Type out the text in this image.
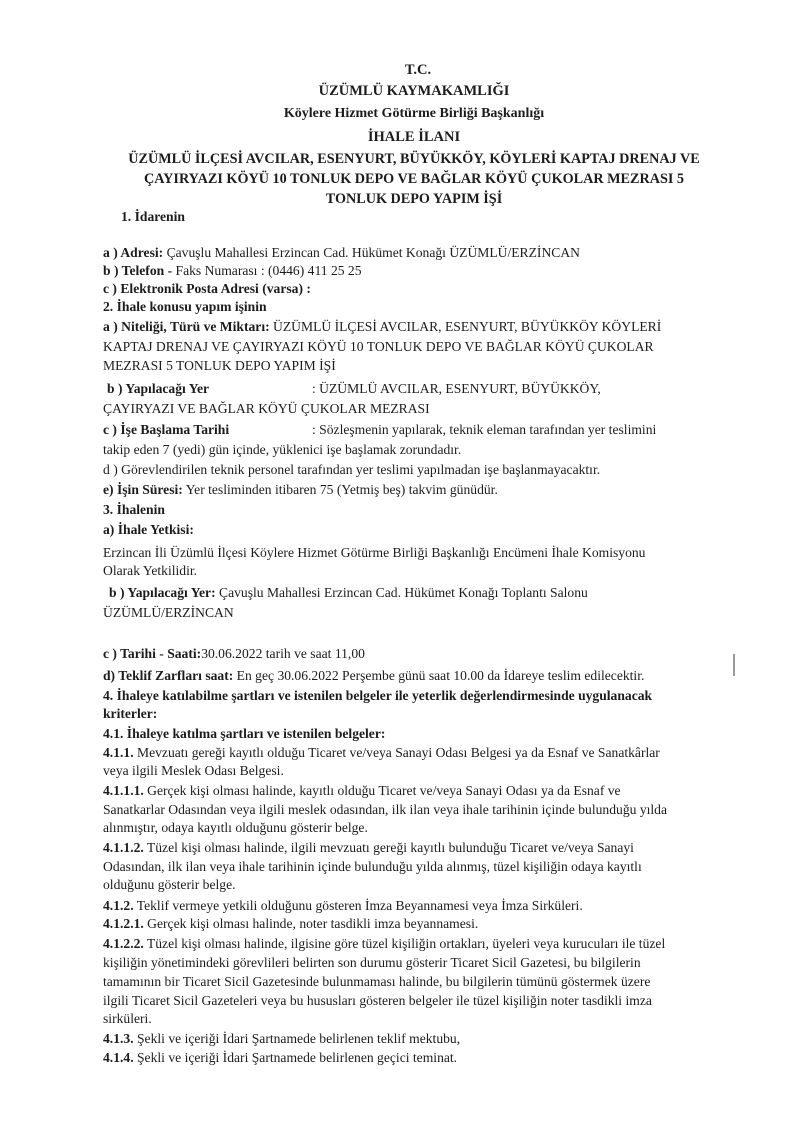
T.C.
ÜZÜMLÜ KAYMAKAMLIĞI
Köylere Hizmet Götürme Birliği Başkanlığı
İHALE İLANI
ÜZÜMLÜ İLÇESİ AVCILAR, ESENYURT, BÜYÜKKÖY, KÖYLERİ KAPTAJ DRENAJ VE
ÇAYIRYAZI KÖYÜ 10 TONLUK DEPO VE BAĞLAR KÖYÜ ÇUKOLAR MEZRASI 5
TONLUK DEPO YAPIM İŞİ
1. İdarenin
a ) Adresi: Çavuşlu Mahallesi Erzincan Cad. Hükümet Konağı ÜZÜMLÜ/ERZİNCAN
b ) Telefon - Faks Numarası : (0446) 411 25 25
c ) Elektronik Posta Adresi (varsa) :
2. İhale konusu yapım işinin
a ) Niteliği, Türü ve Miktarı: ÜZÜMLÜ İLÇESİ AVCILAR, ESENYURT, BÜYÜKKÖY KÖYLERİ
KAPTAJ DRENAJ VE ÇAYIRYAZI KÖYÜ 10 TONLUK DEPO VE BAĞLAR KÖYÜ ÇUKOLAR
MEZRASI 5 TONLUK DEPO YAPIM İŞİ
b ) Yapılacağı Yer	: ÜZÜMLÜ AVCILAR, ESENYURT, BÜYÜKKÖY,
ÇAYIRYAZI VE BAĞLAR KÖYÜ ÇUKOLAR MEZRASI
c ) İşe Başlama Tarihi	: Sözleşmenin yapılarak, teknik eleman tarafından yer teslimini
takip eden 7 (yedi) gün içinde, yüklenici işe başlamak zorundadır.
d ) Görevlendirilen teknik personel tarafından yer teslimi yapılmadan işe başlanmayacaktır.
e) İşin Süresi: Yer tesliminden itibaren 75 (Yetmiş beş) takvim günüdür.
3. İhalenin
a) İhale Yetkisi:
Erzincan İli Üzümlü İlçesi Köylere Hizmet Götürme Birliği Başkanlığı Encümeni İhale Komisyonu
Olarak Yetkilidir.
b ) Yapılacağı Yer: Çavuşlu Mahallesi Erzincan Cad. Hükümet Konağı Toplantı Salonu
ÜZÜMLÜ/ERZİNCAN
c ) Tarihi - Saati:30.06.2022 tarih ve saat 11,00
d) Teklif Zarfları saat: En geç 30.06.2022 Perşembe günü saat 10.00 da İdareye teslim edilecektir.
4. İhaleye katılabilme şartları ve istenilen belgeler ile yeterlik değerlendirmesinde uygulanacak
kriterler:
4.1. İhaleye katılma şartları ve istenilen belgeler:
4.1.1. Mevzuatı gereği kayıtlı olduğu Ticaret ve/veya Sanayi Odası Belgesi ya da Esnaf ve Sanatkârlar
veya ilgili Meslek Odası Belgesi.
4.1.1.1. Gerçek kişi olması halinde, kayıtlı olduğu Ticaret ve/veya Sanayi Odası ya da Esnaf ve
Sanatkarlar Odasından veya ilgili meslek odasından, ilk ilan veya ihale tarihinin içinde bulunduğu yılda
alınmıştır, odaya kayıtlı olduğunu gösterir belge.
4.1.1.2. Tüzel kişi olması halinde, ilgili mevzuatı gereği kayıtlı bulunduğu Ticaret ve/veya Sanayi
Odasından, ilk ilan veya ihale tarihinin içinde bulunduğu yılda alınmış, tüzel kişiliğin odaya kayıtlı
olduğunu gösterir belge.
4.1.2. Teklif vermeye yetkili olduğunu gösteren İmza Beyannamesi veya İmza Sirküleri.
4.1.2.1. Gerçek kişi olması halinde, noter tasdikli imza beyannamesi.
4.1.2.2. Tüzel kişi olması halinde, ilgisine göre tüzel kişiliğin ortakları, üyeleri veya kurucuları ile tüzel
kişiliğin yönetimindeki görevlileri belirten son durumu gösterir Ticaret Sicil Gazetesi, bu bilgilerin
tamamının bir Ticaret Sicil Gazetesinde bulunmaması halinde, bu bilgilerin tümünü göstermek üzere
ilgili Ticaret Sicil Gazeteleri veya bu hususları gösteren belgeler ile tüzel kişiliğin noter tasdikli imza
sirküleri.
4.1.3. Şekli ve içeriği İdari Şartnamede belirlenen teklif mektubu,
4.1.4. Şekli ve içeriği İdari Şartnamede belirlenen geçici teminat.
